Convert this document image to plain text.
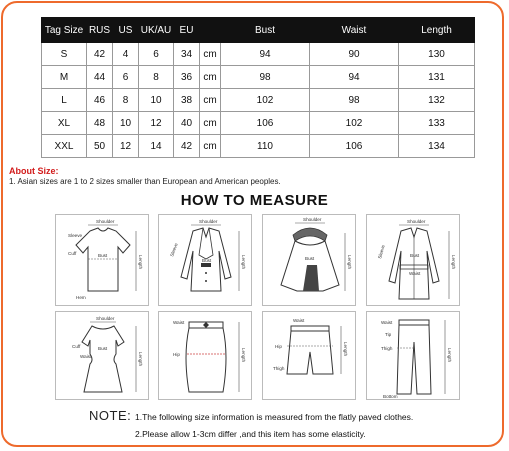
Tag Size	RUS	US	UK/AU	EU		Bust	Waist	Length
S	42	4	6	34	cm	94	90	130
M	44	6	8	36	cm	98	94	131
L	46	8	10	38	cm	102	98	132
XL	48	10	12	40	cm	106	102	133
XXL	50	12	14	42	cm	110	106	134
About Size:
1. Asian sizes are 1 to 2 sizes smaller than European and American peoples.
HOW TO MEASURE
Shoulder
Sleeve
Cuff	Bust
Hem
Length
Shoulder
Sleeve
Length
Bust
Shoulder
Length
Bust
Shoulder
Sleeve	Bust
Waist
Length
Shoulder
Bust
Cuff
Waist	Length
Waist
Hip	Length
Waist
Hip
Thigh
Length
Waist
Tip
Thigh	Length
Bottom
NOTE: 1.The following size information is measured from the flatly paved clothes.
2.Please allow 1-3cm differ ,and this item has some elasticity.
